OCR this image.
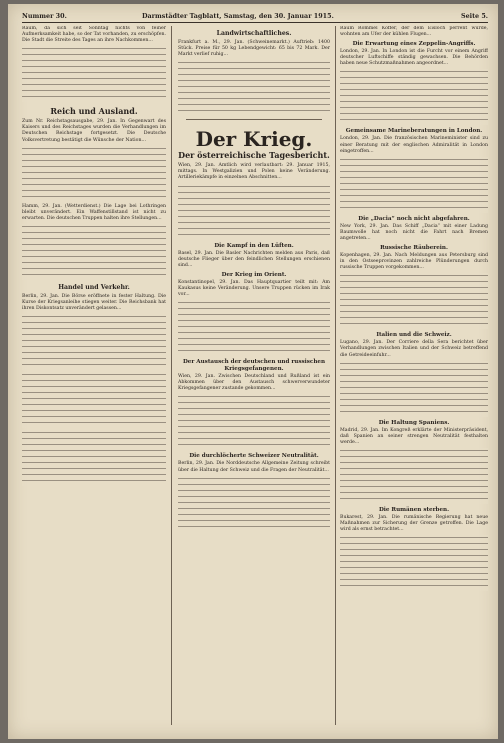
Nummer 30.	Darmstädter Tagblatt, Samstag, den 30. Januar 1915.	Seite 5.
Raum, da sich seit Sonntag nichts von feiner Aufmerksamkeit habe, so der Tat vorhanden, zu erschöpfen. Die Stadt die Streite des Tages an ihre Nachkommen...
Reich und Ausland.
Zum Nr. Reichstagsausgabe, 29. Jan. In Gegenwart des Kaisers und des Reichstages wurden die Verhandlungen im Deutschen Reichstage fortgesetzt. Die Deutsche Volksvertretung bestätigt die Wünsche der Nation...
Hamm, 29. Jan. (Wetterdienst.) Die Lage bei Lothringen bleibt unverändert. Ein Waffenstillstand ist nicht zu erwarten. Die deutschen Truppen halten ihre Stellungen...
Handel und Verkehr.
Berlin, 29. Jan. Die Börse eröffnete in fester Haltung. Die Kurse der Kriegsanleihe stiegen weiter. Die Reichsbank hat ihren Diskontsatz unverändert gelassen...
Landwirtschaftliches.
Frankfurt a. M., 29. Jan. (Schweinemarkt.) Auftrieb: 1400 Stück. Preise für 50 kg Lebendgewicht: 65 bis 72 Mark. Der Markt verlief ruhig...
Der Krieg.
Der österreichische Tagesbericht.
Wien, 29. Jan. Amtlich wird verlautbart: 29. Januar 1915, mittags. In Westgalizien und Polen keine Veränderung. Artilleriekämpfe in einzelnen Abschnitten...
Die Kampf in den Lüften.
Basel, 29. Jan. Die Basler Nachrichten melden aus Paris, daß deutsche Flieger über den feindlichen Stellungen erschienen sind...
Der Krieg im Orient.
Konstantinopel, 29. Jan. Das Hauptquartier teilt mit: Am Kaukasus keine Veränderung. Unsere Truppen rücken im Irak vor...
Der Austausch der deutschen und russischen Kriegsgefangenen.
Wien, 29. Jan. Zwischen Deutschland und Rußland ist ein Abkommen über den Austausch schwerverwundeter Kriegsgefangener zustande gekommen...
Die durchlöcherte Schweizer Neutralität.
Berlin, 29. Jan. Die Norddeutsche Allgemeine Zeitung schreibt über die Haltung der Schweiz und die Fragen der Neutralität...
Raum Rommel Koffer, der dem Eisloch perrent wurde, wohnten am Ufer der kühlen Flugen...
Die Erwartung eines Zeppelin-Angriffs.
London, 29. Jan. In London ist die Furcht vor einem Angriff deutscher Luftschiffe ständig gewachsen. Die Behörden haben neue Schutzmaßnahmen angeordnet...
Gemeinsame Marineberatungen in London.
London, 29. Jan. Die französischen Marineminister sind zu einer Beratung mit der englischen Admiralität in London eingetroffen...
Die „Dacia“ noch nicht abgefahren.
New York, 29. Jan. Das Schiff „Dacia“ mit einer Ladung Baumwolle hat noch nicht die Fahrt nach Bremen angetreten...
Russische Räuberein.
Kopenhagen, 29. Jan. Nach Meldungen aus Petersburg sind in den Ostseeprovinzen zahlreiche Plünderungen durch russische Truppen vorgekommen...
Italien und die Schweiz.
Lugano, 29. Jan. Der Corriere della Sera berichtet über Verhandlungen zwischen Italien und der Schweiz betreffend die Getreideeinfuhr...
Die Haltung Spaniens.
Madrid, 29. Jan. Im Kongreß erklärte der Ministerpräsident, daß Spanien an seiner strengen Neutralität festhalten werde...
Die Rumänen sterben.
Bukarest, 29. Jan. Die rumänische Regierung hat neue Maßnahmen zur Sicherung der Grenze getroffen. Die Lage wird als ernst betrachtet...
